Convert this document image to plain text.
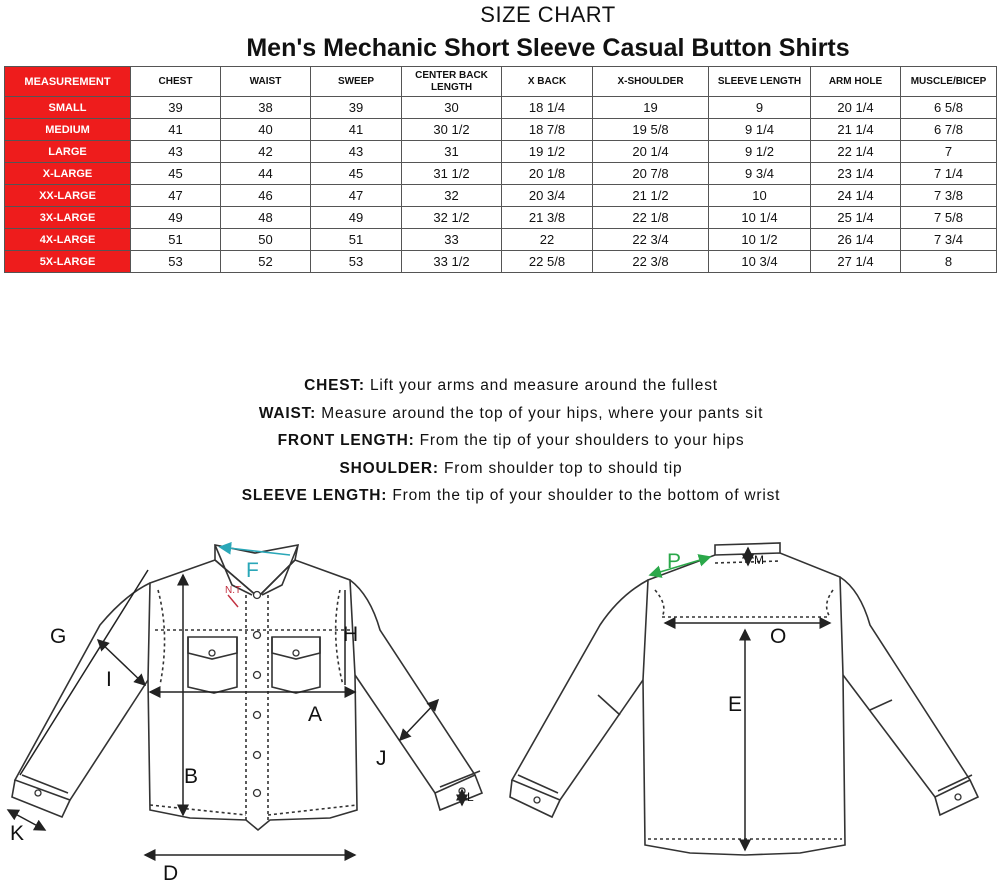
SIZE CHART
Men's Mechanic Short Sleeve Casual Button Shirts
MEASUREMENT	CHEST	WAIST	SWEEP	CENTER BACK LENGTH	X BACK	X-SHOULDER	SLEEVE LENGTH	ARM HOLE	MUSCLE/BICEP
SMALL	39	38	39	30	18 1/4	19	9	20 1/4	6 5/8
MEDIUM	41	40	41	30 1/2	18 7/8	19 5/8	9 1/4	21 1/4	6 7/8
LARGE	43	42	43	31	19 1/2	20 1/4	9 1/2	22 1/4	7
X-LARGE	45	44	45	31 1/2	20 1/8	20 7/8	9 3/4	23 1/4	7 1/4
XX-LARGE	47	46	47	32	20 3/4	21 1/2	10	24 1/4	7 3/8
3X-LARGE	49	48	49	32 1/2	21 3/8	22 1/8	10 1/4	25 1/4	7 5/8
4X-LARGE	51	50	51	33	22	22 3/4	10 1/2	26 1/4	7 3/4
5X-LARGE	53	52	53	33 1/2	22 5/8	22 3/8	10 3/4	27 1/4	8
CHEST: Lift your arms and measure around the fullest
WAIST: Measure around the top of your hips, where your pants sit
FRONT LENGTH: From the tip of your shoulders to your hips
SHOULDER: From shoulder top to should tip
SLEEVE LENGTH: From the tip of your shoulder to the bottom of wrist
F
N.T
G	H
I
A
B
J
L
K
D
P	M
O
E
